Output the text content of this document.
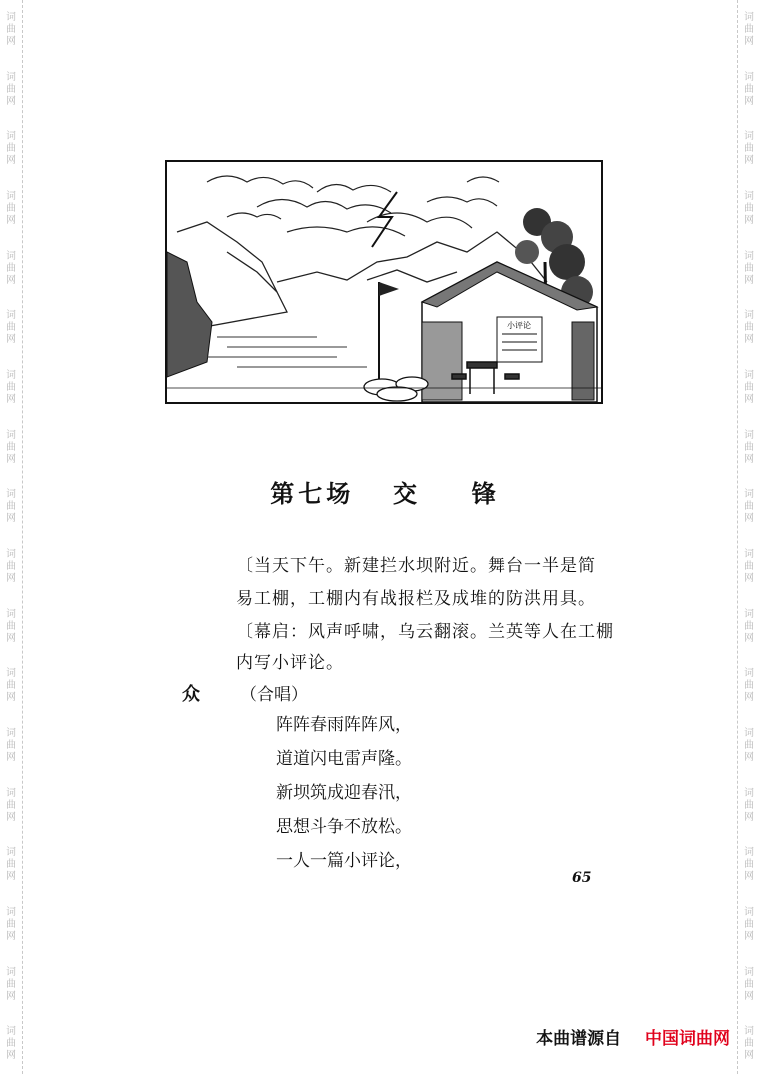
词
曲
网
词
曲
网
词
曲
网
词
曲
网
词
曲
网
词
曲
网
词
曲
网
词
曲
网
词
曲
网
词
曲
网
词
曲
网
词
曲
网
词
曲
网
词
曲
网
词
曲
网
词
曲
网
词
曲
网
词
曲
网
词
曲
网
词
曲
网
词
曲
网
词
曲
网
词
曲
网
词
曲
网
词
曲
网
词
曲
网
词
曲
网
词
曲
网
词
曲
网
词
曲
网
词
曲
网
词
曲
网
词
曲
网
词
曲
网
词
曲
网
词
曲
网
小评论
第七场 交 锋
〔当天下午。新建拦水坝附近。舞台一半是简
易工棚，工棚内有战报栏及成堆的防洪用具。
〔幕启：风声呼啸，乌云翻滚。兰英等人在工棚
内写小评论。
众 （合唱）
阵阵春雨阵阵风，
道道闪电雷声隆。
新坝筑成迎春汛，
思想斗争不放松。
一人一篇小评论，
65
本曲谱源自 中国词曲网
